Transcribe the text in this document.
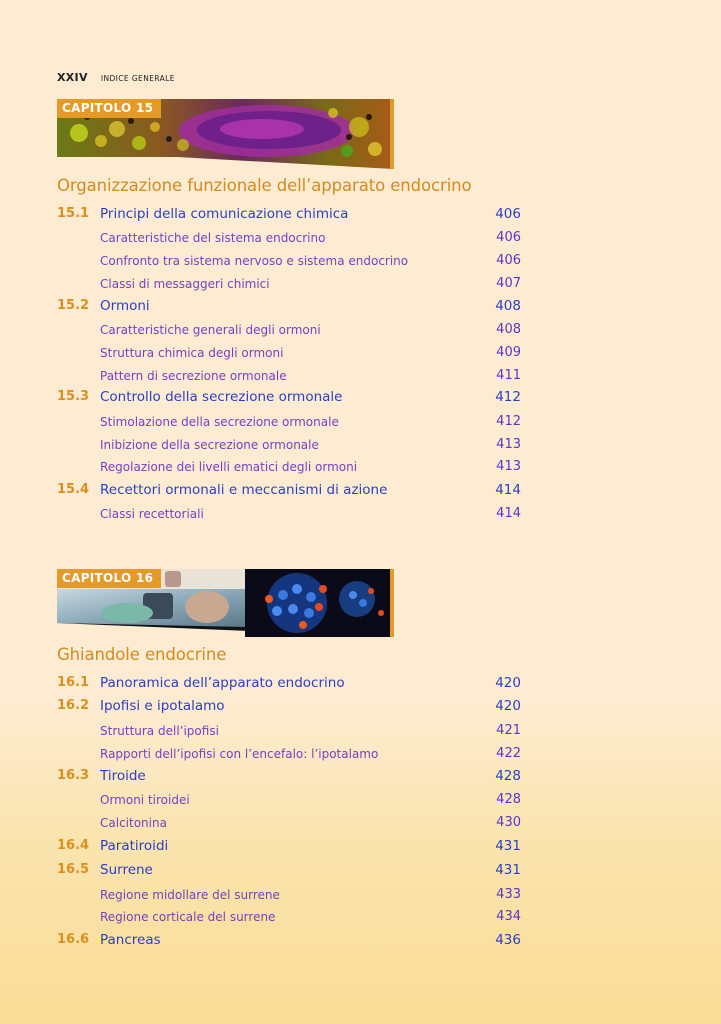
XXIV INDICE GENERALE
CAPITOLO 15
Organizzazione funzionale dell’apparato endocrino
15.1 Principi della comunicazione chimica	406
Caratteristiche del sistema endocrino	406
Confronto tra sistema nervoso e sistema endocrino	406
Classi di messaggeri chimici	407
15.2 Ormoni	408
Caratteristiche generali degli ormoni	408
Struttura chimica degli ormoni	409
Pattern di secrezione ormonale	411
15.3 Controllo della secrezione ormonale	412
Stimolazione della secrezione ormonale	412
Inibizione della secrezione ormonale	413
Regolazione dei livelli ematici degli ormoni	413
15.4 Recettori ormonali e meccanismi di azione	414
Classi recettoriali	414
CAPITOLO 16
Ghiandole endocrine
16.1 Panoramica dell’apparato endocrino	420
16.2 Ipofisi e ipotalamo	420
Struttura dell’ipofisi	421
Rapporti dell’ipofisi con l’encefalo: l’ipotalamo	422
16.3 Tiroide	428
Ormoni tiroidei	428
Calcitonina	430
16.4 Paratiroidi	431
16.5 Surrene	431
Regione midollare del surrene	433
Regione corticale del surrene	434
16.6 Pancreas	436
